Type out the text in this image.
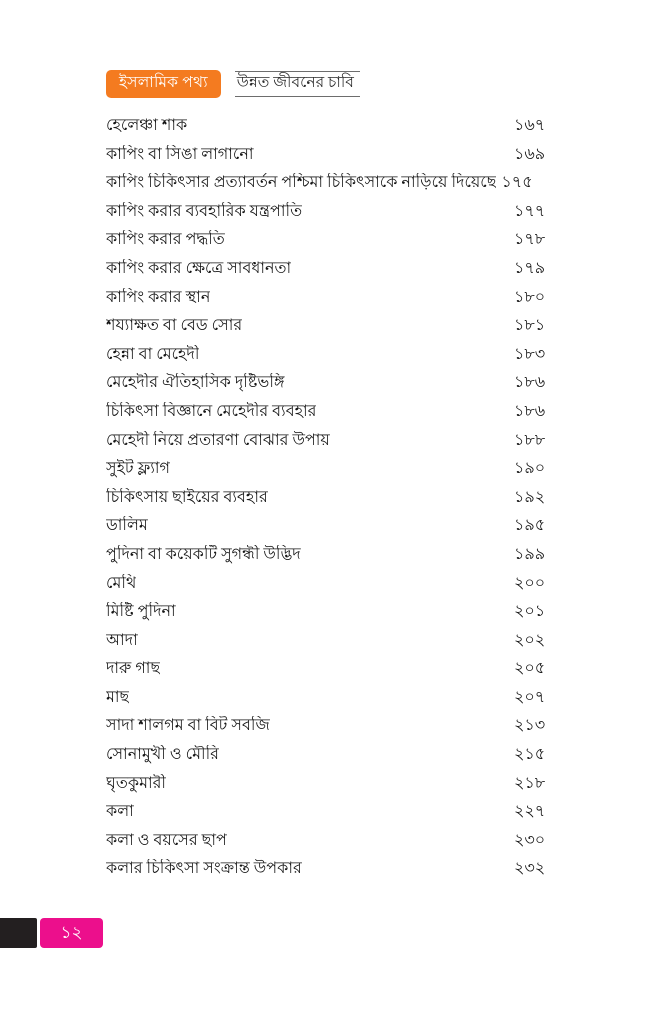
ইসলামিক পথ্য	উন্নত জীবনের চাবি
হেলেঞ্চা শাক	১৬৭
কাপিং বা সিঙা লাগানো	১৬৯
কাপিং চিকিৎসার প্রত্যাবর্তন পশ্চিমা চিকিৎসাকে নাড়িয়ে দিয়েছে ১৭৫
কাপিং করার ব্যবহারিক যন্ত্রপাতি	১৭৭
কাপিং করার পদ্ধতি	১৭৮
কাপিং করার ক্ষেত্রে সাবধানতা	১৭৯
কাপিং করার স্থান	১৮০
শয্যাক্ষত বা বেড সোর	১৮১
হেন্না বা মেহেদী	১৮৩
মেহেদীর ঐতিহাসিক দৃষ্টিভঙ্গি	১৮৬
চিকিৎসা বিজ্ঞানে মেহেদীর ব্যবহার	১৮৬
মেহেদী নিয়ে প্রতারণা বোঝার উপায়	১৮৮
সুইট ফ্ল্যাগ	১৯০
চিকিৎসায় ছাইয়ের ব্যবহার	১৯২
ডালিম	১৯৫
পুদিনা বা কয়েকটি সুগন্ধী উদ্ভিদ	১৯৯
মেথি	২০০
মিষ্টি পুদিনা	২০১
আদা	২০২
দারু গাছ	২০৫
মাছ	২০৭
সাদা শালগম বা বিট সবজি	২১৩
সোনামুখী ও মৌরি	২১৫
ঘৃতকুমারী	২১৮
কলা	২২৭
কলা ও বয়সের ছাপ	২৩০
কলার চিকিৎসা সংক্রান্ত উপকার	২৩২
১২
